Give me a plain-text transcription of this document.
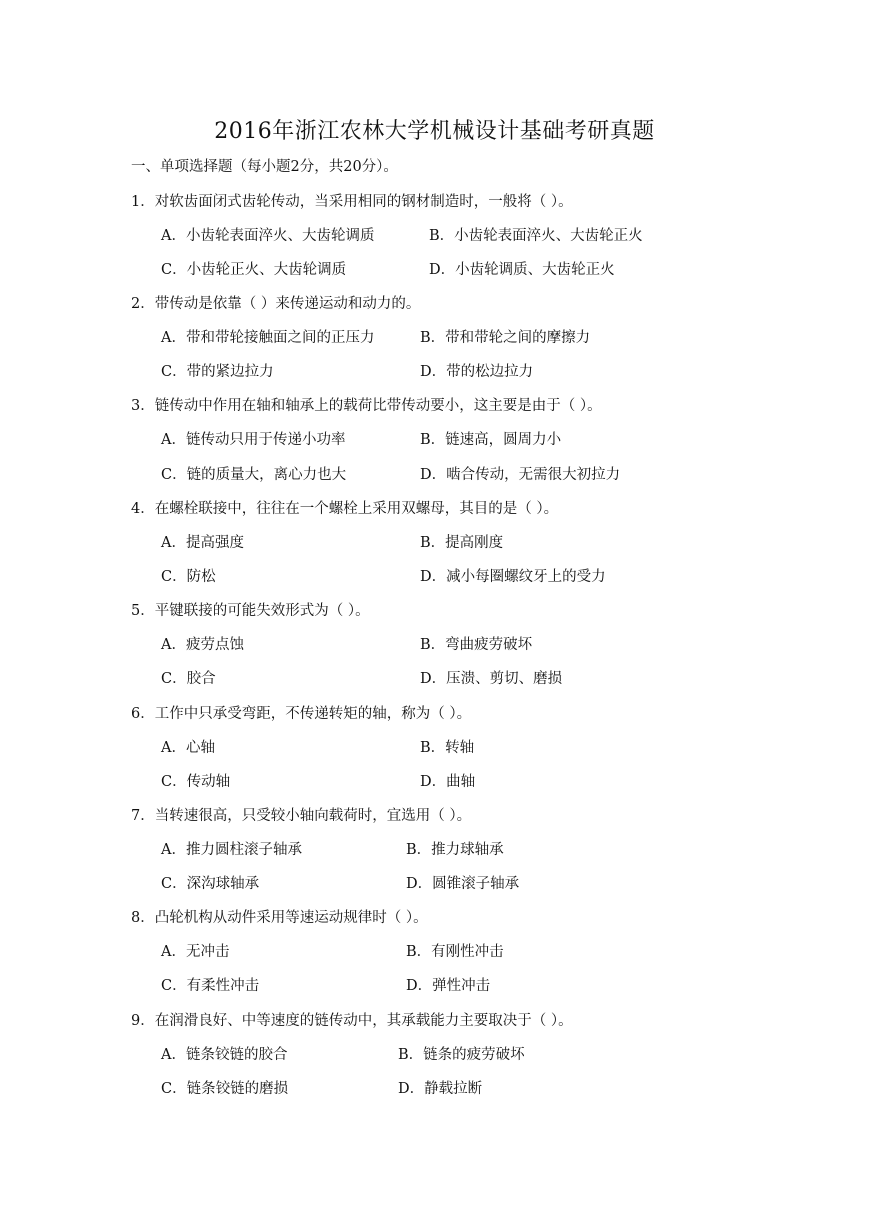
2016年浙江农林大学机械设计基础考研真题
一、单项选择题（每小题2分，共20分）。
1．对软齿面闭式齿轮传动，当采用相同的钢材制造时，一般将（ ）。
A．小齿轮表面淬火、大齿轮调质	B．小齿轮表面淬火、大齿轮正火
C．小齿轮正火、大齿轮调质	D．小齿轮调质、大齿轮正火
2．带传动是依靠（ ）来传递运动和动力的。
A．带和带轮接触面之间的正压力	B．带和带轮之间的摩擦力
C．带的紧边拉力	D．带的松边拉力
3．链传动中作用在轴和轴承上的载荷比带传动要小，这主要是由于（ ）。
A．链传动只用于传递小功率	B．链速高，圆周力小
C．链的质量大，离心力也大	D．啮合传动，无需很大初拉力
4．在螺栓联接中，往往在一个螺栓上采用双螺母，其目的是（ ）。
A．提高强度	B．提高刚度
C．防松	D．减小每圈螺纹牙上的受力
5．平键联接的可能失效形式为（ ）。
A．疲劳点蚀	B．弯曲疲劳破坏
C．胶合	D．压溃、剪切、磨损
6．工作中只承受弯距，不传递转矩的轴，称为（ ）。
A．心轴	B．转轴
C．传动轴	D．曲轴
7．当转速很高，只受较小轴向载荷时，宜选用（ ）。
A．推力圆柱滚子轴承	B．推力球轴承
C．深沟球轴承	D．圆锥滚子轴承
8．凸轮机构从动件采用等速运动规律时（ ）。
A．无冲击	B．有刚性冲击
C．有柔性冲击	D．弹性冲击
9．在润滑良好、中等速度的链传动中，其承载能力主要取决于（ ）。
A．链条铰链的胶合	B．链条的疲劳破坏
C．链条铰链的磨损	D．静载拉断
